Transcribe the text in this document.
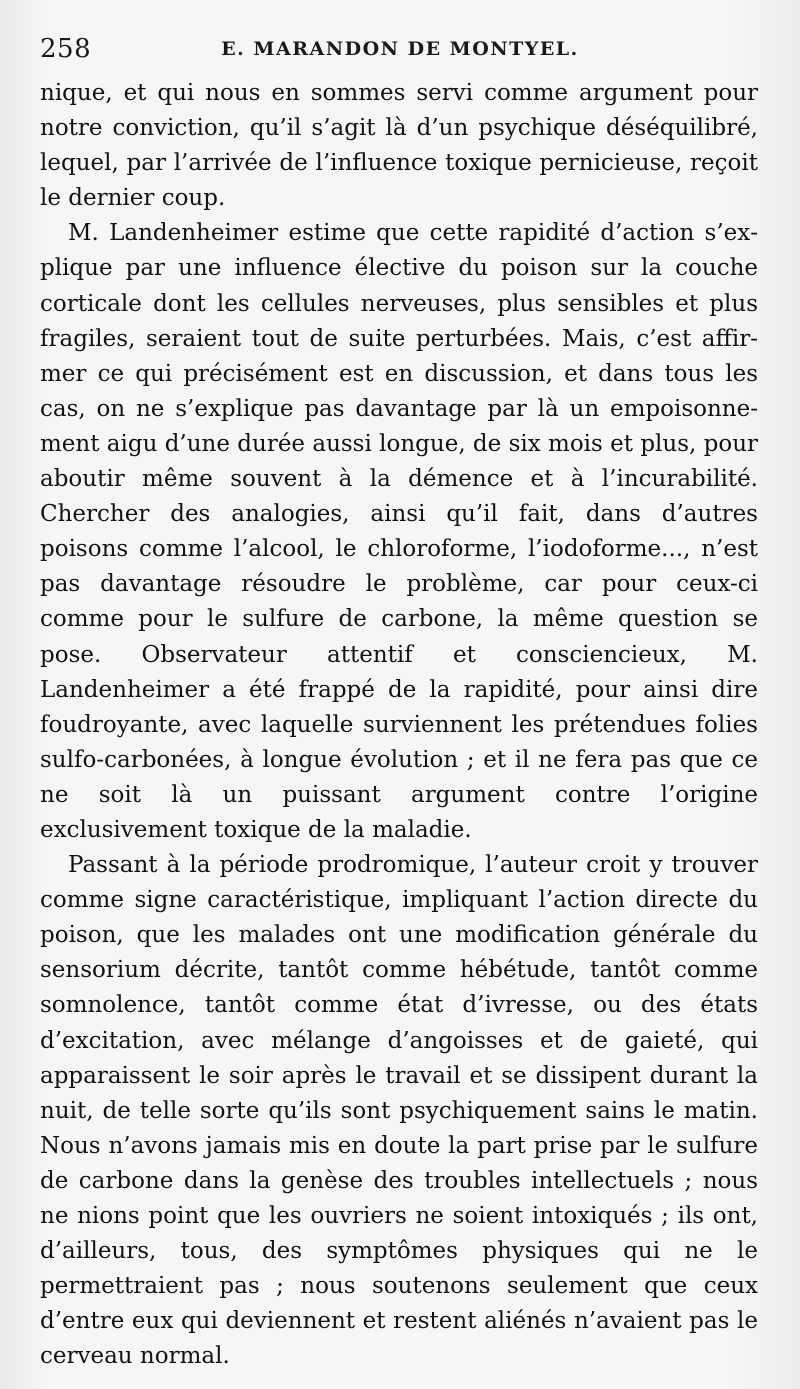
258	E. MARANDON DE MONTYEL.

nique, et qui nous en sommes servi comme argument pour notre conviction, qu’il s’agit là d’un psychique déséquilibré, lequel, par l’arrivée de l’influence toxique pernicieuse, reçoit le dernier coup.

M. Landenheimer estime que cette rapidité d’action s’explique par une influence élective du poison sur la couche corticale dont les cellules nerveuses, plus sensibles et plus fragiles, seraient tout de suite perturbées. Mais, c’est affirmer ce qui précisément est en discussion, et dans tous les cas, on ne s’explique pas davantage par là un empoisonnement aigu d’une durée aussi longue, de six mois et plus, pour aboutir même souvent à la démence et à l’incurabilité. Chercher des analogies, ainsi qu’il fait, dans d’autres poisons comme l’alcool, le chloroforme, l’iodoforme..., n’est pas davantage résoudre le problème, car pour ceux-ci comme pour le sulfure de carbone, la même question se pose. Observateur attentif et consciencieux, M. Landenheimer a été frappé de la rapidité, pour ainsi dire foudroyante, avec laquelle surviennent les prétendues folies sulfo-carbonées, à longue évolution ; et il ne fera pas que ce ne soit là un puissant argument contre l’origine exclusivement toxique de la maladie.

Passant à la période prodromique, l’auteur croit y trouver comme signe caractéristique, impliquant l’action directe du poison, que les malades ont une modification générale du sensorium décrite, tantôt comme hébétude, tantôt comme somnolence, tantôt comme état d’ivresse, ou des états d’excitation, avec mélange d’angoisses et de gaieté, qui apparaissent le soir après le travail et se dissipent durant la nuit, de telle sorte qu’ils sont psychiquement sains le matin. Nous n’avons jamais mis en doute la part prise par le sulfure de carbone dans la genèse des troubles intellectuels ; nous ne nions point que les ouvriers ne soient intoxiqués ; ils ont, d’ailleurs, tous, des symptômes physiques qui ne le permettraient pas ; nous soutenons seulement que ceux d’entre eux qui deviennent et restent aliénés n’avaient pas le cerveau normal.
